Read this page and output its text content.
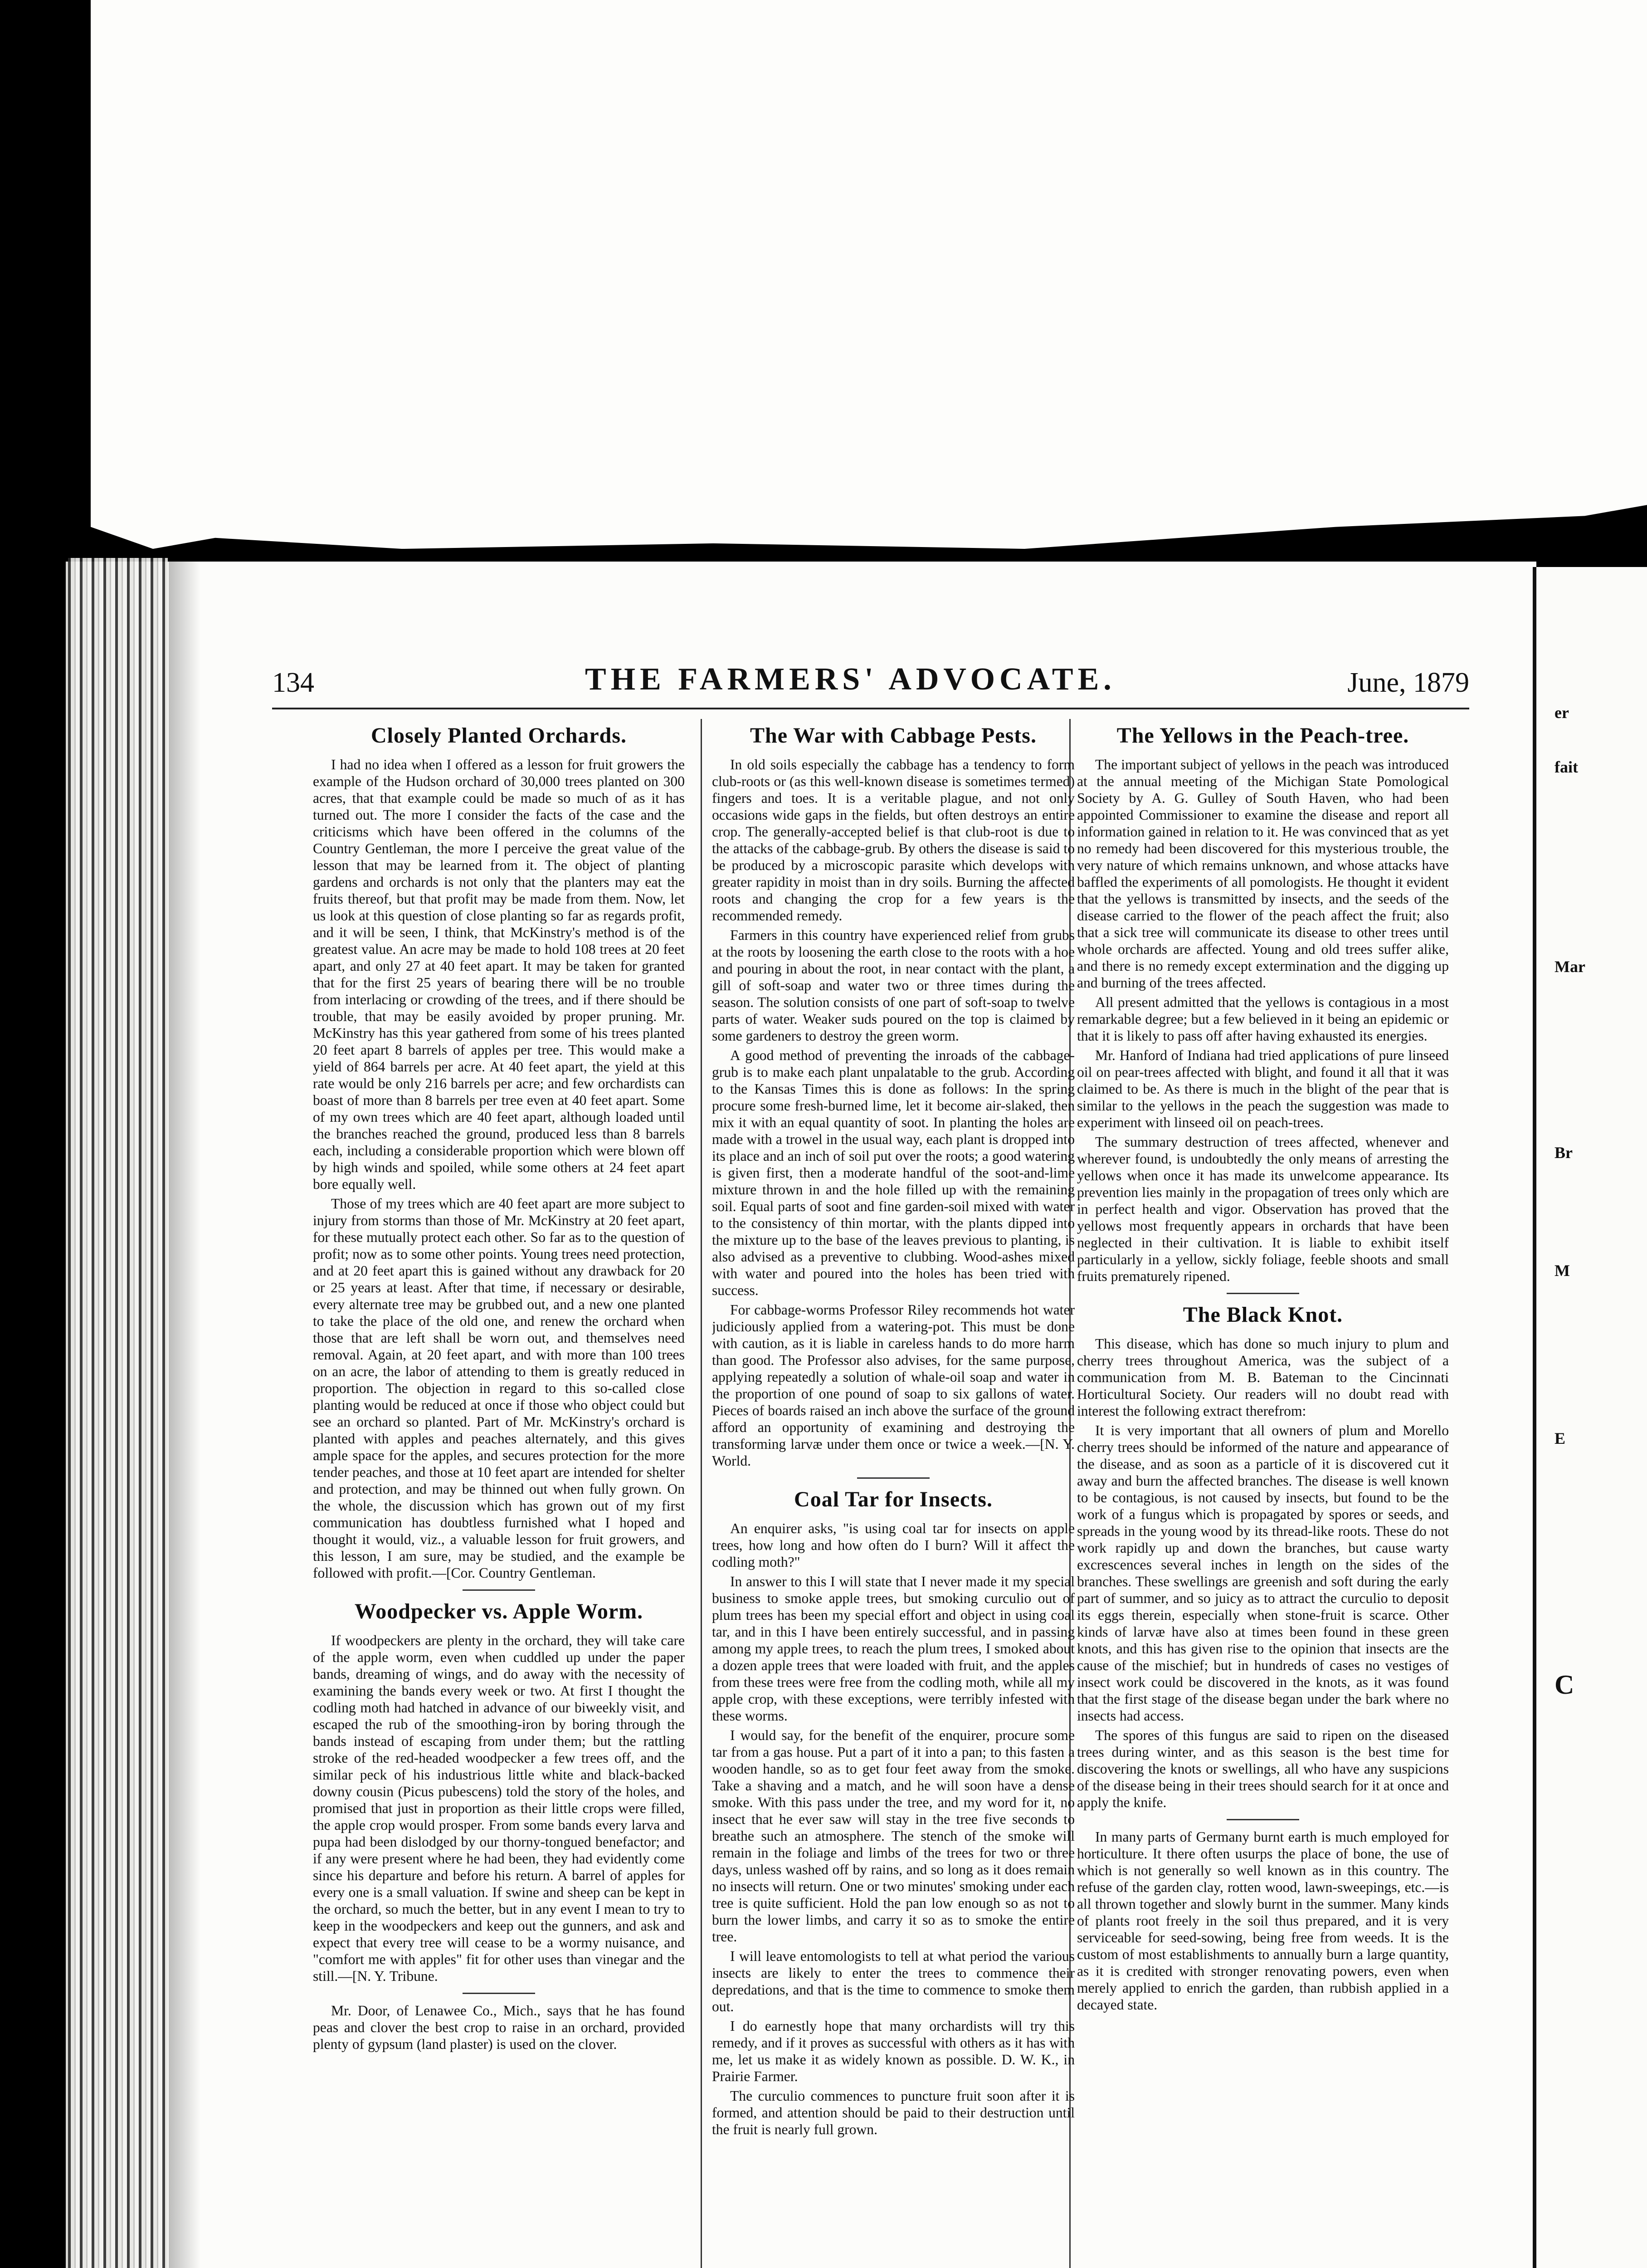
er
fait
Mar
Br
M
E
C
134	THE FARMERS' ADVOCATE.	June, 1879
Closely Planted Orchards.

I had no idea when I offered as a lesson for fruit growers the example of the Hudson orchard of 30,000 trees planted on 300 acres, that that example could be made so much of as it has turned out. The more I consider the facts of the case and the criticisms which have been offered in the columns of the Country Gentleman, the more I perceive the great value of the lesson that may be learned from it. The object of planting gardens and orchards is not only that the planters may eat the fruits thereof, but that profit may be made from them. Now, let us look at this question of close planting so far as regards profit, and it will be seen, I think, that McKinstry's method is of the greatest value. An acre may be made to hold 108 trees at 20 feet apart, and only 27 at 40 feet apart. It may be taken for granted that for the first 25 years of bearing there will be no trouble from interlacing or crowding of the trees, and if there should be trouble, that may be easily avoided by proper pruning. Mr. McKinstry has this year gathered from some of his trees planted 20 feet apart 8 barrels of apples per tree. This would make a yield of 864 barrels per acre. At 40 feet apart, the yield at this rate would be only 216 barrels per acre; and few orchardists can boast of more than 8 barrels per tree even at 40 feet apart. Some of my own trees which are 40 feet apart, although loaded until the branches reached the ground, produced less than 8 barrels each, including a considerable proportion which were blown off by high winds and spoiled, while some others at 24 feet apart bore equally well.

Those of my trees which are 40 feet apart are more subject to injury from storms than those of Mr. McKinstry at 20 feet apart, for these mutually protect each other. So far as to the question of profit; now as to some other points. Young trees need protection, and at 20 feet apart this is gained without any drawback for 20 or 25 years at least. After that time, if necessary or desirable, every alternate tree may be grubbed out, and a new one planted to take the place of the old one, and renew the orchard when those that are left shall be worn out, and themselves need removal. Again, at 20 feet apart, and with more than 100 trees on an acre, the labor of attending to them is greatly reduced in proportion. The objection in regard to this so-called close planting would be reduced at once if those who object could but see an orchard so planted. Part of Mr. McKinstry's orchard is planted with apples and peaches alternately, and this gives ample space for the apples, and secures protection for the more tender peaches, and those at 10 feet apart are intended for shelter and protection, and may be thinned out when fully grown. On the whole, the discussion which has grown out of my first communication has doubtless furnished what I hoped and thought it would, viz., a valuable lesson for fruit growers, and this lesson, I am sure, may be studied, and the example be followed with profit.—[Cor. Country Gentleman.

Woodpecker vs. Apple Worm.

If woodpeckers are plenty in the orchard, they will take care of the apple worm, even when cuddled up under the paper bands, dreaming of wings, and do away with the necessity of examining the bands every week or two. At first I thought the codling moth had hatched in advance of our biweekly visit, and escaped the rub of the smoothing-iron by boring through the bands instead of escaping from under them; but the rattling stroke of the red-headed woodpecker a few trees off, and the similar peck of his industrious little white and black-backed downy cousin (Picus pubescens) told the story of the holes, and promised that just in proportion as their little crops were filled, the apple crop would prosper. From some bands every larva and pupa had been dislodged by our thorny-tongued benefactor; and if any were present where he had been, they had evidently come since his departure and before his return. A barrel of apples for every one is a small valuation. If swine and sheep can be kept in the orchard, so much the better, but in any event I mean to try to keep in the woodpeckers and keep out the gunners, and ask and expect that every tree will cease to be a wormy nuisance, and "comfort me with apples" fit for other uses than vinegar and the still.—[N. Y. Tribune.

Mr. Door, of Lenawee Co., Mich., says that he has found peas and clover the best crop to raise in an orchard, provided plenty of gypsum (land plaster) is used on the clover.

The War with Cabbage Pests.

In old soils especially the cabbage has a tendency to form club-roots or (as this well-known disease is sometimes termed) fingers and toes. It is a veritable plague, and not only occasions wide gaps in the fields, but often destroys an entire crop. The generally-accepted belief is that club-root is due to the attacks of the cabbage-grub. By others the disease is said to be produced by a microscopic parasite which develops with greater rapidity in moist than in dry soils. Burning the affected roots and changing the crop for a few years is the recommended remedy.

Farmers in this country have experienced relief from grubs at the roots by loosening the earth close to the roots with a hoe and pouring in about the root, in near contact with the plant, a gill of soft-soap and water two or three times during the season. The solution consists of one part of soft-soap to twelve parts of water. Weaker suds poured on the top is claimed by some gardeners to destroy the green worm.

A good method of preventing the inroads of the cabbage-grub is to make each plant unpalatable to the grub. According to the Kansas Times this is done as follows: In the spring procure some fresh-burned lime, let it become air-slaked, then mix it with an equal quantity of soot. In planting the holes are made with a trowel in the usual way, each plant is dropped into its place and an inch of soil put over the roots; a good watering is given first, then a moderate handful of the soot-and-lime mixture thrown in and the hole filled up with the remaining soil. Equal parts of soot and fine garden-soil mixed with water to the consistency of thin mortar, with the plants dipped into the mixture up to the base of the leaves previous to planting, is also advised as a preventive to clubbing. Wood-ashes mixed with water and poured into the holes has been tried with success.

For cabbage-worms Professor Riley recommends hot water judiciously applied from a watering-pot. This must be done with caution, as it is liable in careless hands to do more harm than good. The Professor also advises, for the same purpose, applying repeatedly a solution of whale-oil soap and water in the proportion of one pound of soap to six gallons of water. Pieces of boards raised an inch above the surface of the ground afford an opportunity of examining and destroying the transforming larvæ under them once or twice a week.—[N. Y. World.

Coal Tar for Insects.

An enquirer asks, "is using coal tar for insects on apple trees, how long and how often do I burn? Will it affect the codling moth?"

In answer to this I will state that I never made it my special business to smoke apple trees, but smoking curculio out of plum trees has been my special effort and object in using coal tar, and in this I have been entirely successful, and in passing among my apple trees, to reach the plum trees, I smoked about a dozen apple trees that were loaded with fruit, and the apples from these trees were free from the codling moth, while all my apple crop, with these exceptions, were terribly infested with these worms.

I would say, for the benefit of the enquirer, procure some tar from a gas house. Put a part of it into a pan; to this fasten a wooden handle, so as to get four feet away from the smoke. Take a shaving and a match, and he will soon have a dense smoke. With this pass under the tree, and my word for it, no insect that he ever saw will stay in the tree five seconds to breathe such an atmosphere. The stench of the smoke will remain in the foliage and limbs of the trees for two or three days, unless washed off by rains, and so long as it does remain no insects will return. One or two minutes' smoking under each tree is quite sufficient. Hold the pan low enough so as not to burn the lower limbs, and carry it so as to smoke the entire tree.

I will leave entomologists to tell at what period the various insects are likely to enter the trees to commence their depredations, and that is the time to commence to smoke them out.

I do earnestly hope that many orchardists will try this remedy, and if it proves as successful with others as it has with me, let us make it as widely known as possible. D. W. K., in Prairie Farmer.

The curculio commences to puncture fruit soon after it is formed, and attention should be paid to their destruction until the fruit is nearly full grown.

The Yellows in the Peach-tree.

The important subject of yellows in the peach was introduced at the annual meeting of the Michigan State Pomological Society by A. G. Gulley of South Haven, who had been appointed Commissioner to examine the disease and report all information gained in relation to it. He was convinced that as yet no remedy had been discovered for this mysterious trouble, the very nature of which remains unknown, and whose attacks have baffled the experiments of all pomologists. He thought it evident that the yellows is transmitted by insects, and the seeds of the disease carried to the flower of the peach affect the fruit; also that a sick tree will communicate its disease to other trees until whole orchards are affected. Young and old trees suffer alike, and there is no remedy except extermination and the digging up and burning of the trees affected.

All present admitted that the yellows is contagious in a most remarkable degree; but a few believed in it being an epidemic or that it is likely to pass off after having exhausted its energies.

Mr. Hanford of Indiana had tried applications of pure linseed oil on pear-trees affected with blight, and found it all that it was claimed to be. As there is much in the blight of the pear that is similar to the yellows in the peach the suggestion was made to experiment with linseed oil on peach-trees.

The summary destruction of trees affected, whenever and wherever found, is undoubtedly the only means of arresting the yellows when once it has made its unwelcome appearance. Its prevention lies mainly in the propagation of trees only which are in perfect health and vigor. Observation has proved that the yellows most frequently appears in orchards that have been neglected in their cultivation. It is liable to exhibit itself particularly in a yellow, sickly foliage, feeble shoots and small fruits prematurely ripened.

The Black Knot.

This disease, which has done so much injury to plum and cherry trees throughout America, was the subject of a communication from M. B. Bateman to the Cincinnati Horticultural Society. Our readers will no doubt read with interest the following extract therefrom:

It is very important that all owners of plum and Morello cherry trees should be informed of the nature and appearance of the disease, and as soon as a particle of it is discovered cut it away and burn the affected branches. The disease is well known to be contagious, is not caused by insects, but found to be the work of a fungus which is propagated by spores or seeds, and spreads in the young wood by its thread-like roots. These do not work rapidly up and down the branches, but cause warty excrescences several inches in length on the sides of the branches. These swellings are greenish and soft during the early part of summer, and so juicy as to attract the curculio to deposit its eggs therein, especially when stone-fruit is scarce. Other kinds of larvæ have also at times been found in these green knots, and this has given rise to the opinion that insects are the cause of the mischief; but in hundreds of cases no vestiges of insect work could be discovered in the knots, as it was found that the first stage of the disease began under the bark where no insects had access.

The spores of this fungus are said to ripen on the diseased trees during winter, and as this season is the best time for discovering the knots or swellings, all who have any suspicions of the disease being in their trees should search for it at once and apply the knife.

In many parts of Germany burnt earth is much employed for horticulture. It there often usurps the place of bone, the use of which is not generally so well known as in this country. The refuse of the garden clay, rotten wood, lawn-sweepings, etc.—is all thrown together and slowly burnt in the summer. Many kinds of plants root freely in the soil thus prepared, and it is very serviceable for seed-sowing, being free from weeds. It is the custom of most establishments to annually burn a large quantity, as it is credited with stronger renovating powers, even when merely applied to enrich the garden, than rubbish applied in a decayed state.
